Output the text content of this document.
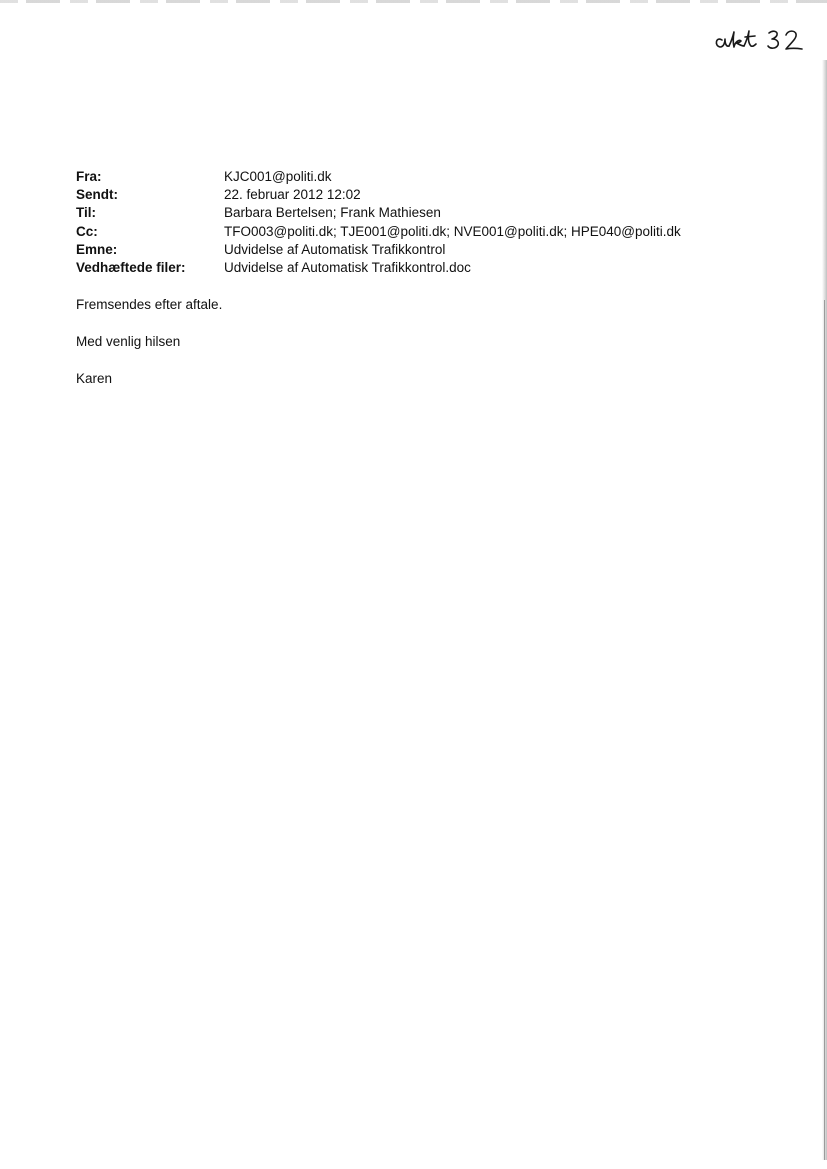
Fra:	KJC001@politi.dk
Sendt:	22. februar 2012 12:02
Til:	Barbara Bertelsen; Frank Mathiesen
Cc:	TFO003@politi.dk; TJE001@politi.dk; NVE001@politi.dk; HPE040@politi.dk
Emne:	Udvidelse af Automatisk Trafikkontrol
Vedhæftede filer:	Udvidelse af Automatisk Trafikkontrol.doc
Fremsendes efter aftale.
Med venlig hilsen
Karen
